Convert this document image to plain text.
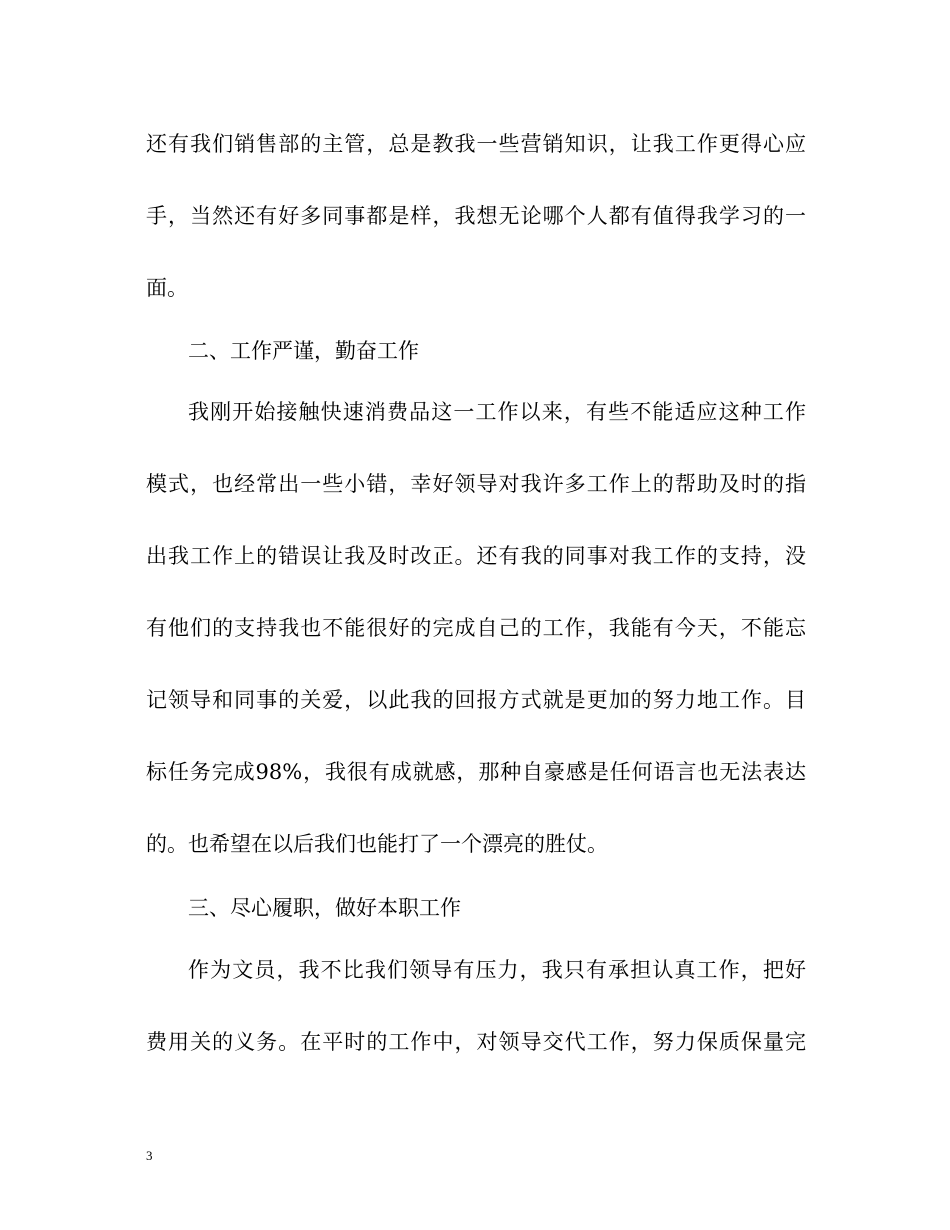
还有我们销售部的主管，总是教我一些营销知识，让我工作更得心应
手，当然还有好多同事都是样，我想无论哪个人都有值得我学习的一
面。
二、工作严谨，勤奋工作
我刚开始接触快速消费品这一工作以来，有些不能适应这种工作
模式，也经常出一些小错，幸好领导对我许多工作上的帮助及时的指
出我工作上的错误让我及时改正。还有我的同事对我工作的支持，没
有他们的支持我也不能很好的完成自己的工作，我能有今天，不能忘
记领导和同事的关爱，以此我的回报方式就是更加的努力地工作。目
标任务完成98%，我很有成就感，那种自豪感是任何语言也无法表达
的。也希望在以后我们也能打了一个漂亮的胜仗。
三、尽心履职，做好本职工作
作为文员，我不比我们领导有压力，我只有承担认真工作，把好
费用关的义务。在平时的工作中，对领导交代工作，努力保质保量完
3
